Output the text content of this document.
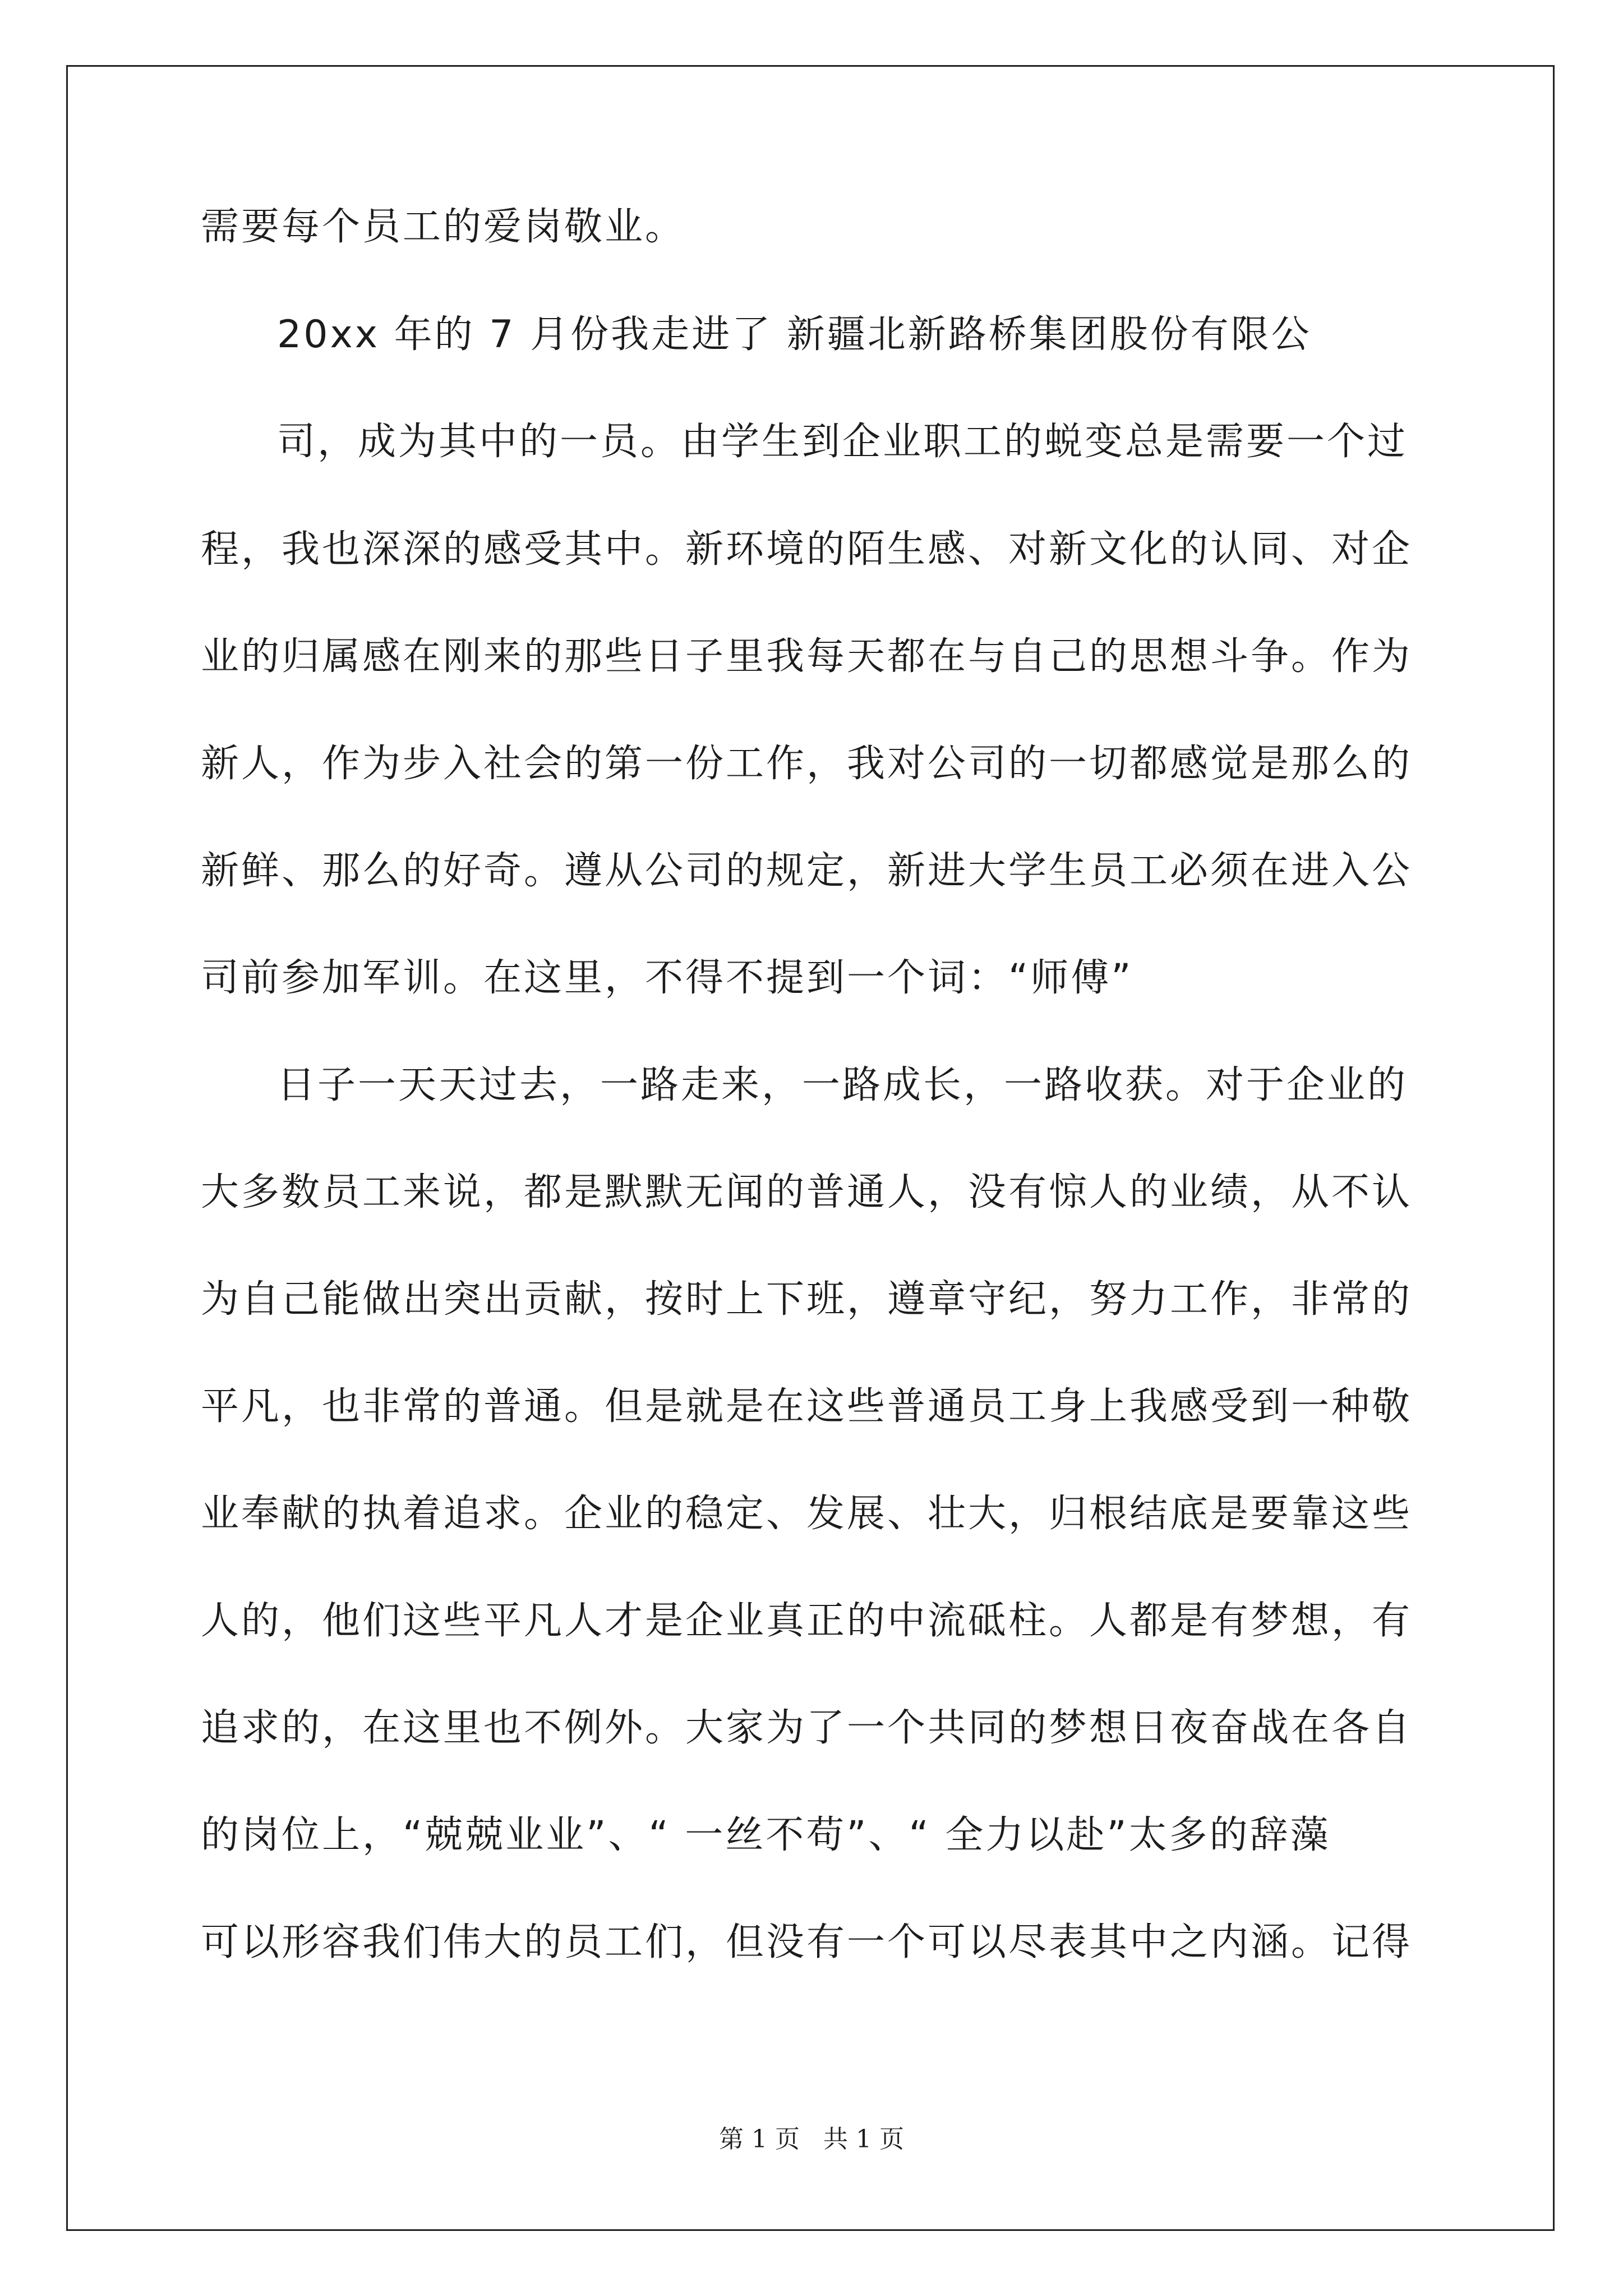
需要每个员工的爱岗敬业。
20xx 年的 7 月份我走进了 新疆北新路桥集团股份有限公
司，成为其中的一员。由学生到企业职工的蜕变总是需要一个过
程，我也深深的感受其中。新环境的陌生感、对新文化的认同、对企
业的归属感在刚来的那些日子里我每天都在与自己的思想斗争。作为
新人，作为步入社会的第一份工作，我对公司的一切都感觉是那么的
新鲜、那么的好奇。遵从公司的规定，新进大学生员工必须在进入公
司前参加军训。在这里，不得不提到一个词：“师傅”
日子一天天过去，一路走来，一路成长，一路收获。对于企业的
大多数员工来说，都是默默无闻的普通人，没有惊人的业绩，从不认
为自己能做出突出贡献，按时上下班，遵章守纪，努力工作，非常的
平凡，也非常的普通。但是就是在这些普通员工身上我感受到一种敬
业奉献的执着追求。企业的稳定、发展、壮大，归根结底是要靠这些
人的，他们这些平凡人才是企业真正的中流砥柱。人都是有梦想，有
追求的，在这里也不例外。大家为了一个共同的梦想日夜奋战在各自
的岗位上，“兢兢业业”、“ 一丝不苟”、“ 全力以赴”太多的辞藻
可以形容我们伟大的员工们，但没有一个可以尽表其中之内涵。记得
第 1 页   共 1 页
